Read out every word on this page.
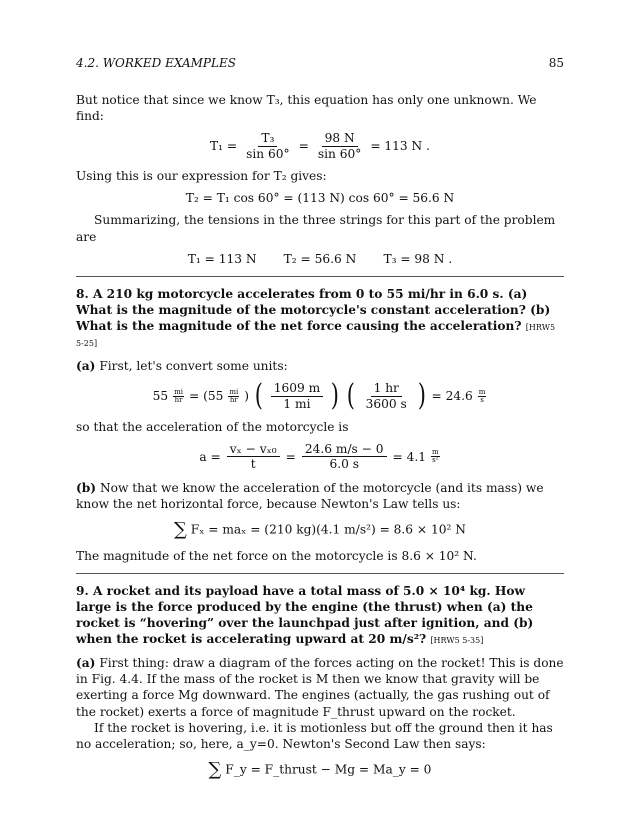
4.2. WORKED EXAMPLES	85

But notice that since we know T₃, this equation has only one unknown. We find:

$T_1 = \frac{\text{T₃}}{\sin 60^\circ} = \frac{98 N}{\sin 60^\circ} = 113$ N .

Using this is our expression for T₂ gives:

T₂ = T₁ cos 60° = (113 N) cos 60° = 56.6 N

Summarizing, the tensions in the three strings for this part of the problem are

T₁ = 113 N T₂ = 56.6 N T₃ = 98 N .

8. A 210 kg motorcycle accelerates from 0 to 55 mi/hr in 6.0 s. (a) What is the magnitude of the motorcycle's constant acceleration? (b) What is the magnitude of the net force causing the acceleration? [HRW5 5-25]

(a) First, let's convert some units:

$55 \frac{mi}{hr} = (55 \frac{mi}{hr}$ ) ( $\frac{1609 m}{1 mi}$ ) ( $\frac{1 hr}{3600 s}$ ) = $24.6 \frac{m}{s}$

so that the acceleration of the motorcycle is

$a = \frac{\text{vₓ − vₓ₀}}{t} = \frac{24.6 m/s - 0}{6.0 s} = 4.1 \frac{m}{\text{s²}}$

(b) Now that we know the acceleration of the motorcycle (and its mass) we know the net horizontal force, because Newton's Law tells us:

∑ Fₓ = maₓ = (210 kg)(4.1 m/s²) = 8.6 × 10² N

The magnitude of the net force on the motorcycle is 8.6 × 10² N.

9. A rocket and its payload have a total mass of 5.0 × 10⁴ kg. How large is the force produced by the engine (the thrust) when (a) the rocket is “hovering” over the launchpad just after ignition, and (b) when the rocket is accelerating upward at 20 m/s²? [HRW5 5-35]

(a) First thing: draw a diagram of the forces acting on the rocket! This is done in Fig. 4.4. If the mass of the rocket is M then we know that gravity will be exerting a force Mg downward. The engines (actually, the gas rushing out of the rocket) exerts a force of magnitude F_thrust upward on the rocket.

If the rocket is hovering, i.e. it is motionless but off the ground then it has no acceleration; so, here, a_y=0. Newton's Second Law then says:

∑ F_y = F_thrust − Mg = Ma_y = 0
